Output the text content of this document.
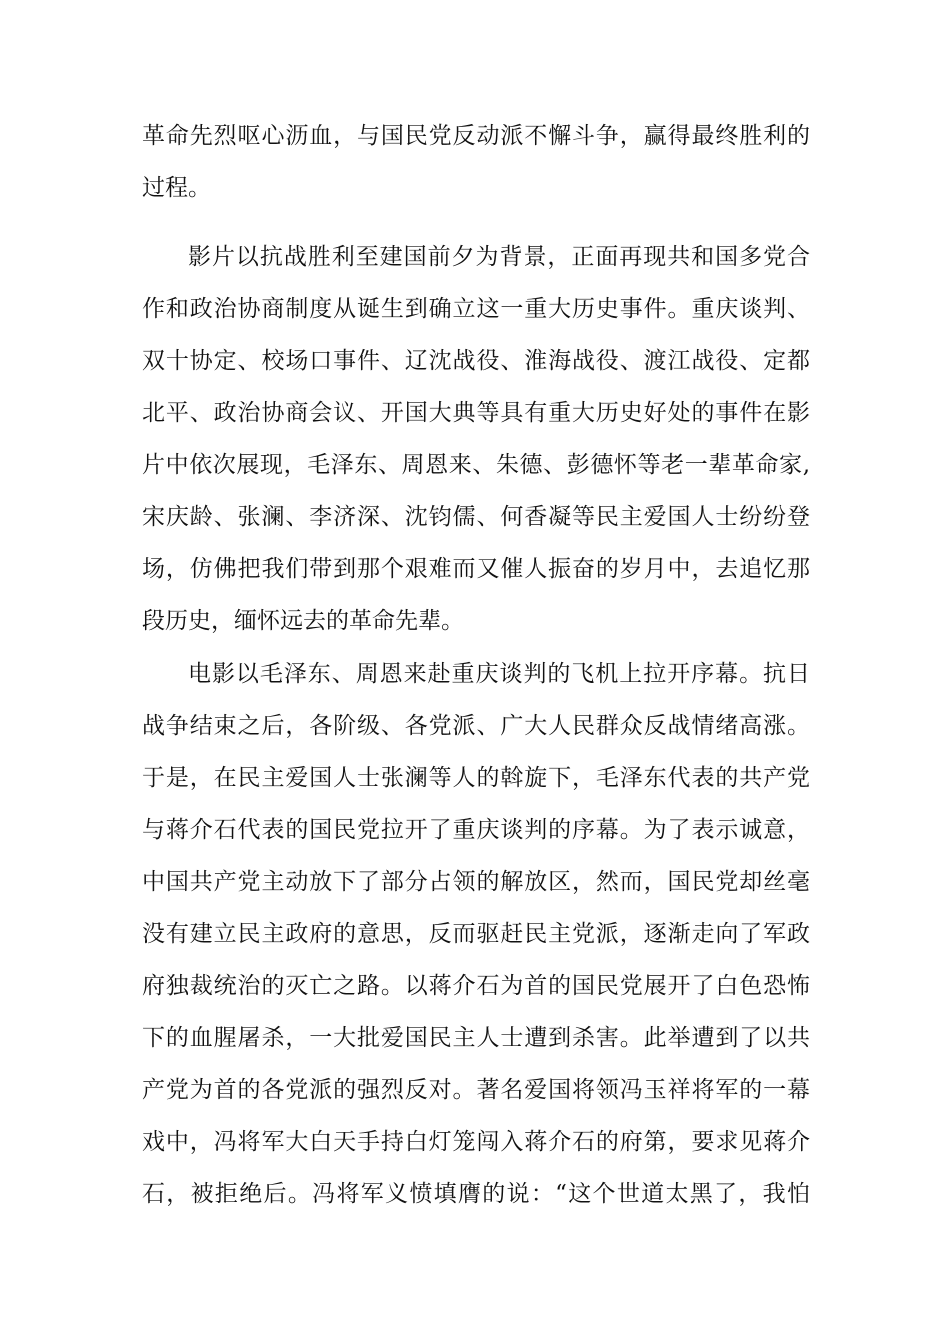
革命先烈呕心沥血，与国民党反动派不懈斗争，赢得最终胜利的
过程。
影片以抗战胜利至建国前夕为背景，正面再现共和国多党合
作和政治协商制度从诞生到确立这一重大历史事件。重庆谈判、
双十协定、校场口事件、辽沈战役、淮海战役、渡江战役、定都
北平、政治协商会议、开国大典等具有重大历史好处的事件在影
片中依次展现，毛泽东、周恩来、朱德、彭德怀等老一辈革命家,
宋庆龄、张澜、李济深、沈钧儒、何香凝等民主爱国人士纷纷登
场，仿佛把我们带到那个艰难而又催人振奋的岁月中，去追忆那
段历史，缅怀远去的革命先辈。
电影以毛泽东、周恩来赴重庆谈判的飞机上拉开序幕。抗日
战争结束之后，各阶级、各党派、广大人民群众反战情绪高涨。
于是，在民主爱国人士张澜等人的斡旋下，毛泽东代表的共产党
与蒋介石代表的国民党拉开了重庆谈判的序幕。为了表示诚意，
中国共产党主动放下了部分占领的解放区，然而，国民党却丝毫
没有建立民主政府的意思，反而驱赶民主党派，逐渐走向了军政
府独裁统治的灭亡之路。以蒋介石为首的国民党展开了白色恐怖
下的血腥屠杀，一大批爱国民主人士遭到杀害。此举遭到了以共
产党为首的各党派的强烈反对。著名爱国将领冯玉祥将军的一幕
戏中，冯将军大白天手持白灯笼闯入蒋介石的府第，要求见蒋介
石，被拒绝后。冯将军义愤填膺的说：“这个世道太黑了，我怕
